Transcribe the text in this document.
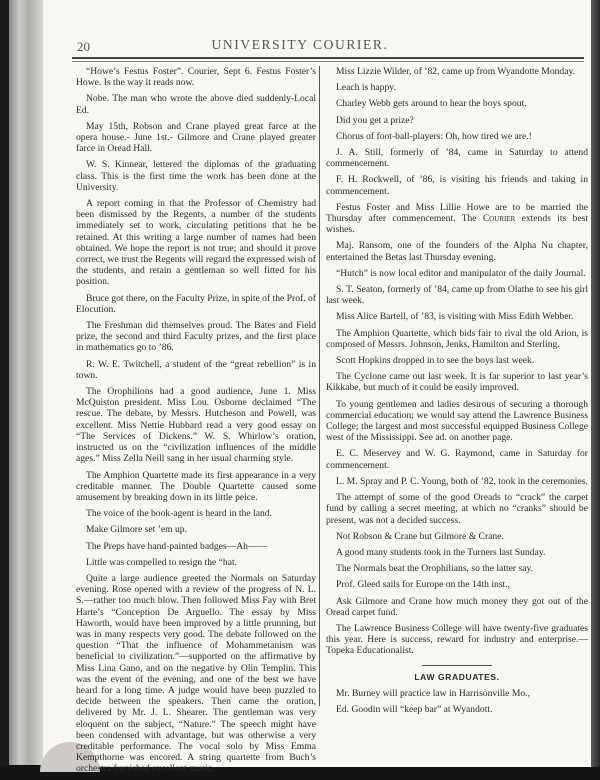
20	UNIVERSITY COURIER.

“Howe’s Festus Foster”. Courier, Sept 6. Festus Foster’s Howe. Is the way it reads now.

Nobe. The man who wrote the above died suddenly-Local Ed.

May 15th, Robson and Crane played great farce at the opera house.- June 1st.- Gilmore and Crane played greater farce in Oread Hall.

W. S. Kinnear, lettered the diplomas of the graduating class. This is the first time the work has been done at the University.

A report coming in that the Professor of Chemistry had been dismissed by the Regents, a number of the students immediately set to work, circulating petitions that he be retained. At this writing a large number of names had been obtained. We hope the report is not true; and should it prove correct, we trust the Regents will regard the expressed wish of the students, and retain a gentleman so well fitted for his position.

Bruce got there, on the Faculty Prize, in spite of the Prof. of Elocution.

The Freshman did themselves proud. The Bates and Field prize, the second and third Faculty prizes, and the first place in mathematics go to ’86.

R. W. E. Twitchell, a student of the “great rebellion” is in town.

The Orophilions had a good audience, June 1. Miss McQuiston president. Miss Lou. Osborne declaimed “The rescue. The debate, by Messrs. Hutcheson and Powell, was excellent. Miss Nettie Hubbard read a very good essay on “The Services of Dickens.” W. S. Whirlow’s oration, instructed us on the “civilization influences of the middle ages.” Miss Zella Neill sang in her usual charming style.

The Amphion Quartette made its first appearance in a very creditable manner. The Double Quartette caused some amusement by breaking down in its little peice.

The voice of the book-agent is heard in the land.

Make Gilmore set ’em up.

The Preps have hand-painted badges—Ah——

Little was compelled to resign the “hat.

Quite a large audience greeted the Normals on Saturday evening. Rose opened with a review of the progress of N. L. S.—rather too much blow. Then followed Miss Fay with Bret Harte’s “Conception De Arguello. The essay by Miss Haworth, would have been improved by a little prunning, but was in many respects very good. The debate followed on the question “That the influence of Mohammetanism was beneficial to civilization.”—supported on the affirmative by Miss Lina Gano, and on the negative by Olin Templin. This was the event of the evening, and one of the best we have heard for a long time. A judge would have been puzzled to decide between the speakers. Then came the oration, delivered by Mr. J. L. Shearer. The gentleman was very eloquent on the subject, “Nature.” The speech might have been condensed with advantage, but was otherwise a very creditable performance. The vocal solo by Miss Emma Kempthorne was encored. A string quartette from Buch’s orchestra furnished excellent music.

Miss Lizzie Wilder, of ’82, came up from Wyandotte Monday.

Leach is happy.

Charley Webb gets around to hear the boys spout.

Did you get a prize?

Chorus of foot-ball-players: Oh, how tired we are.!

J. A. Still, formerly of ’84, came in Saturday to attend commencement.

F. H. Rockwell, of ’86, is visiting his friends and taking in commencement.

Festus Foster and Miss Lillie Howe are to be married the Thursday after commencement. The Courier extends its best wishes.

Maj. Ransom, one of the founders of the Alpha Nu chapter, entertained the Betas last Thursday evening.

“Hutch” is now local editor and manipulator of the daily Journal.

S. T. Seaton, formerly of ’84, came up from Olathe to see his girl last week.

Miss Alice Bartell, of ’83, is visiting with Miss Edith Webber.

The Amphion Quartette, which bids fair to rival the old Arion, is composed of Messrs. Johnson, Jenks, Hamilton and Sterling.

Scott Hopkins dropped in to see the boys last week.

The Cyclone came out last week. It is far superior to last year’s Kikkabe, but much of it could be easily improved.

To young gentlemen and ladies desirous of securing a thorough commercial education; we would say attend the Lawrence Business College; the largest and most successful equipped Business College west of the Mississippi. See ad. on another page.

E. C. Meservey and W. G. Raymond, came in Saturday for commencement.

L. M. Spray and P. C. Young, both of ’82, took in the ceremonies.

The attempt of some of the good Oreads to “crack” the carpet fund by calling a secret meeting, at which no “cranks” should be present, was not a decided success.

Not Robson & Crane but Gilmore & Crane.

A good many students took in the Turners last Sunday.

The Normals beat the Orophilians, so the latter say.

Prof. Gleed sails for Europe on the 14th inst.,

Ask Gilmore and Crane how much money they got out of the Oread carpet fund.

The Lawrence Business College will have twenty-five graduates this year. Here is success, reward for industry and enterprise.—Topeka Educationalist.

LAW GRADUATES.

Mr. Burney will practice law in Harrisonville Mo.,

Ed. Goodin will “keep bar” at Wyandott.
